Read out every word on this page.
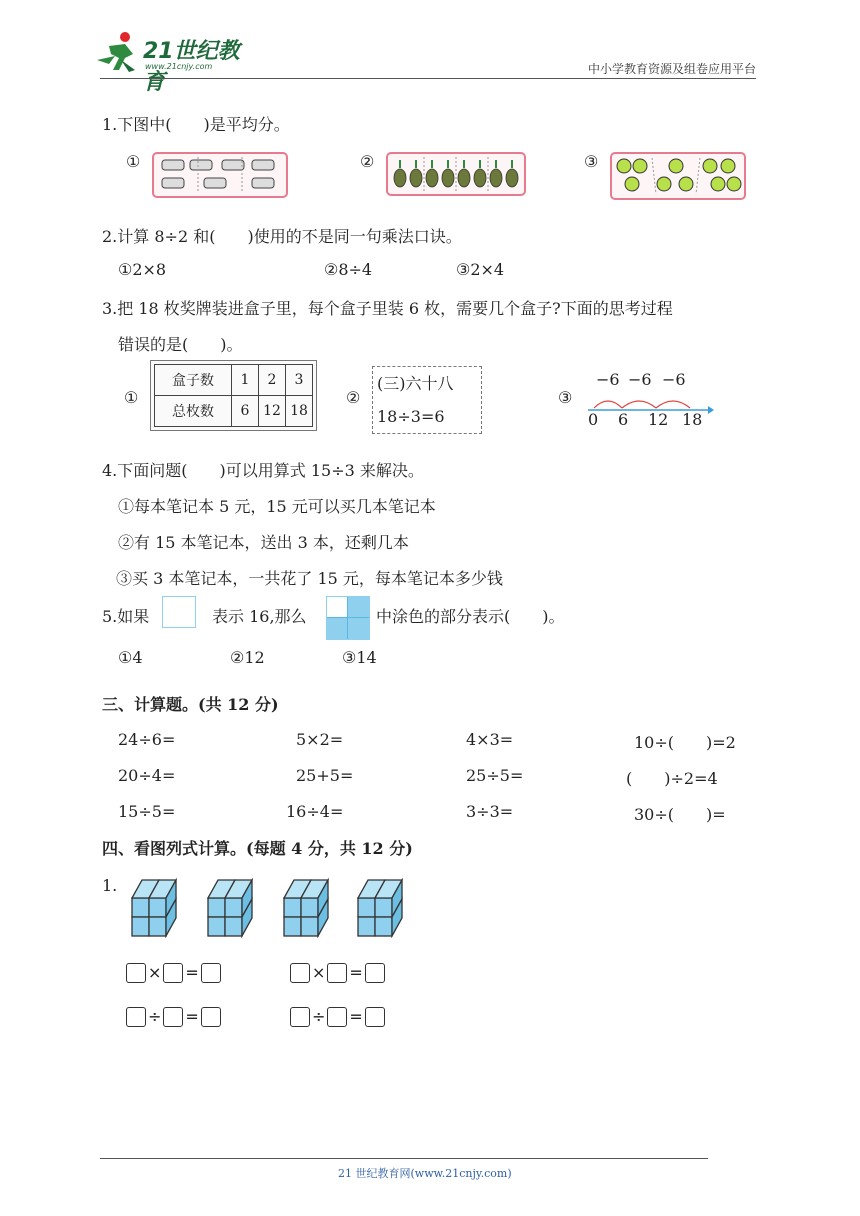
21世纪教育
www.21cnjy.com	中小学教育资源及组卷应用平台
1.下图中(　　)是平均分。
①	②	③
2.计算 8÷2 和(　　)使用的不是同一句乘法口诀。
①2×8	②8÷4	③2×4
3.把 18 枚奖牌装进盒子里，每个盒子里装 6 枚，需要几个盒子?下面的思考过程
错误的是(　　)。
①
盒子数	1	2	3
总枚数	6	12	18
②
(三)六十八
18÷3=6
③
−6 −6 −6
0 6 12 18
4.下面问题(　　)可以用算式 15÷3 来解决。
①每本笔记本 5 元，15 元可以买几本笔记本
②有 15 本笔记本，送出 3 本，还剩几本
③买 3 本笔记本，一共花了 15 元，每本笔记本多少钱
5.如果	表示 16,那么	中涂色的部分表示(　　)。
①4	②12	③14
三、计算题。(共 12 分)
24÷6=	5×2=	4×3=	10÷(　　)=2
20÷4=	25+5=	25÷5=	(　　)÷2=4
15÷5=	16÷4=	3÷3=	30÷(　　)=
四、看图列式计算。(每题 4 分，共 12 分)
1.
× =	× =
÷ =	÷ =
21 世纪教育网(www.21cnjy.com)
